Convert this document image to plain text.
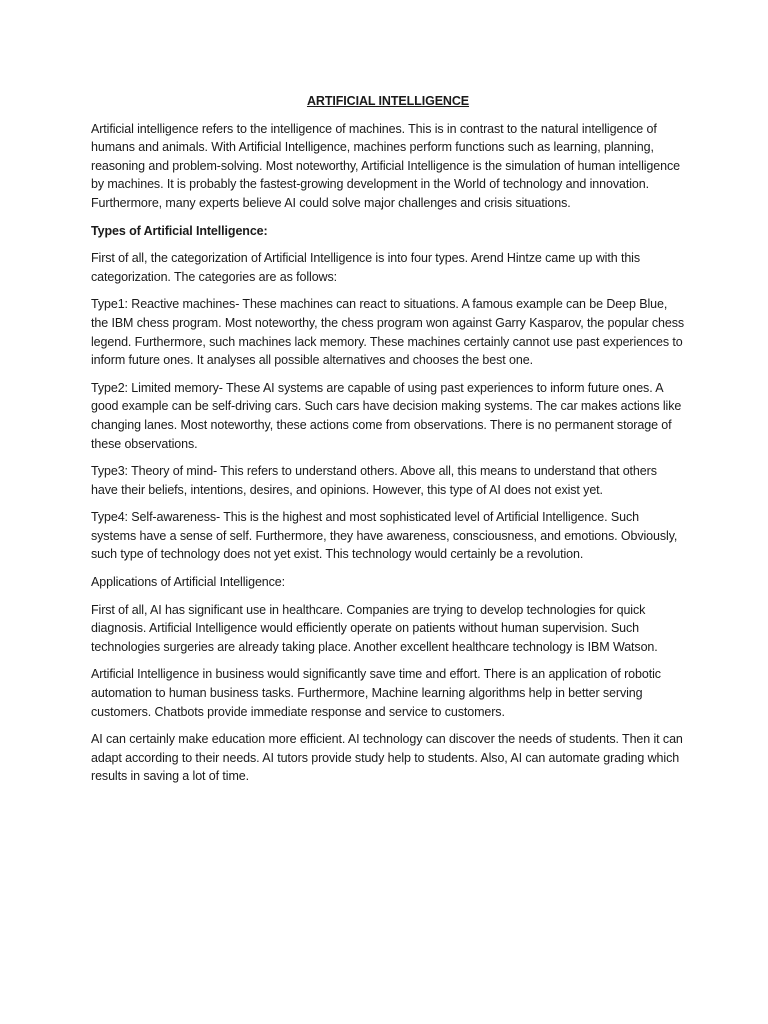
ARTIFICIAL INTELLIGENCE

Artificial intelligence refers to the intelligence of machines. This is in contrast to the natural intelligence of humans and animals. With Artificial Intelligence, machines perform functions such as learning, planning, reasoning and problem-solving. Most noteworthy, Artificial Intelligence is the simulation of human intelligence by machines. It is probably the fastest-growing development in the World of technology and innovation. Furthermore, many experts believe AI could solve major challenges and crisis situations.

Types of Artificial Intelligence:

First of all, the categorization of Artificial Intelligence is into four types. Arend Hintze came up with this categorization. The categories are as follows:

Type1: Reactive machines- These machines can react to situations. A famous example can be Deep Blue, the IBM chess program. Most noteworthy, the chess program won against Garry Kasparov, the popular chess legend. Furthermore, such machines lack memory. These machines certainly cannot use past experiences to inform future ones. It analyses all possible alternatives and chooses the best one.

Type2: Limited memory- These AI systems are capable of using past experiences to inform future ones. A good example can be self-driving cars. Such cars have decision making systems. The car makes actions like changing lanes. Most noteworthy, these actions come from observations. There is no permanent storage of these observations.

Type3: Theory of mind- This refers to understand others. Above all, this means to understand that others have their beliefs, intentions, desires, and opinions. However, this type of AI does not exist yet.

Type4: Self-awareness- This is the highest and most sophisticated level of Artificial Intelligence. Such systems have a sense of self. Furthermore, they have awareness, consciousness, and emotions. Obviously, such type of technology does not yet exist. This technology would certainly be a revolution.

Applications of Artificial Intelligence:

First of all, AI has significant use in healthcare. Companies are trying to develop technologies for quick diagnosis. Artificial Intelligence would efficiently operate on patients without human supervision. Such technologies surgeries are already taking place. Another excellent healthcare technology is IBM Watson.

Artificial Intelligence in business would significantly save time and effort. There is an application of robotic automation to human business tasks. Furthermore, Machine learning algorithms help in better serving customers. Chatbots provide immediate response and service to customers.

AI can certainly make education more efficient. AI technology can discover the needs of students. Then it can adapt according to their needs. AI tutors provide study help to students. Also, AI can automate grading which results in saving a lot of time.
